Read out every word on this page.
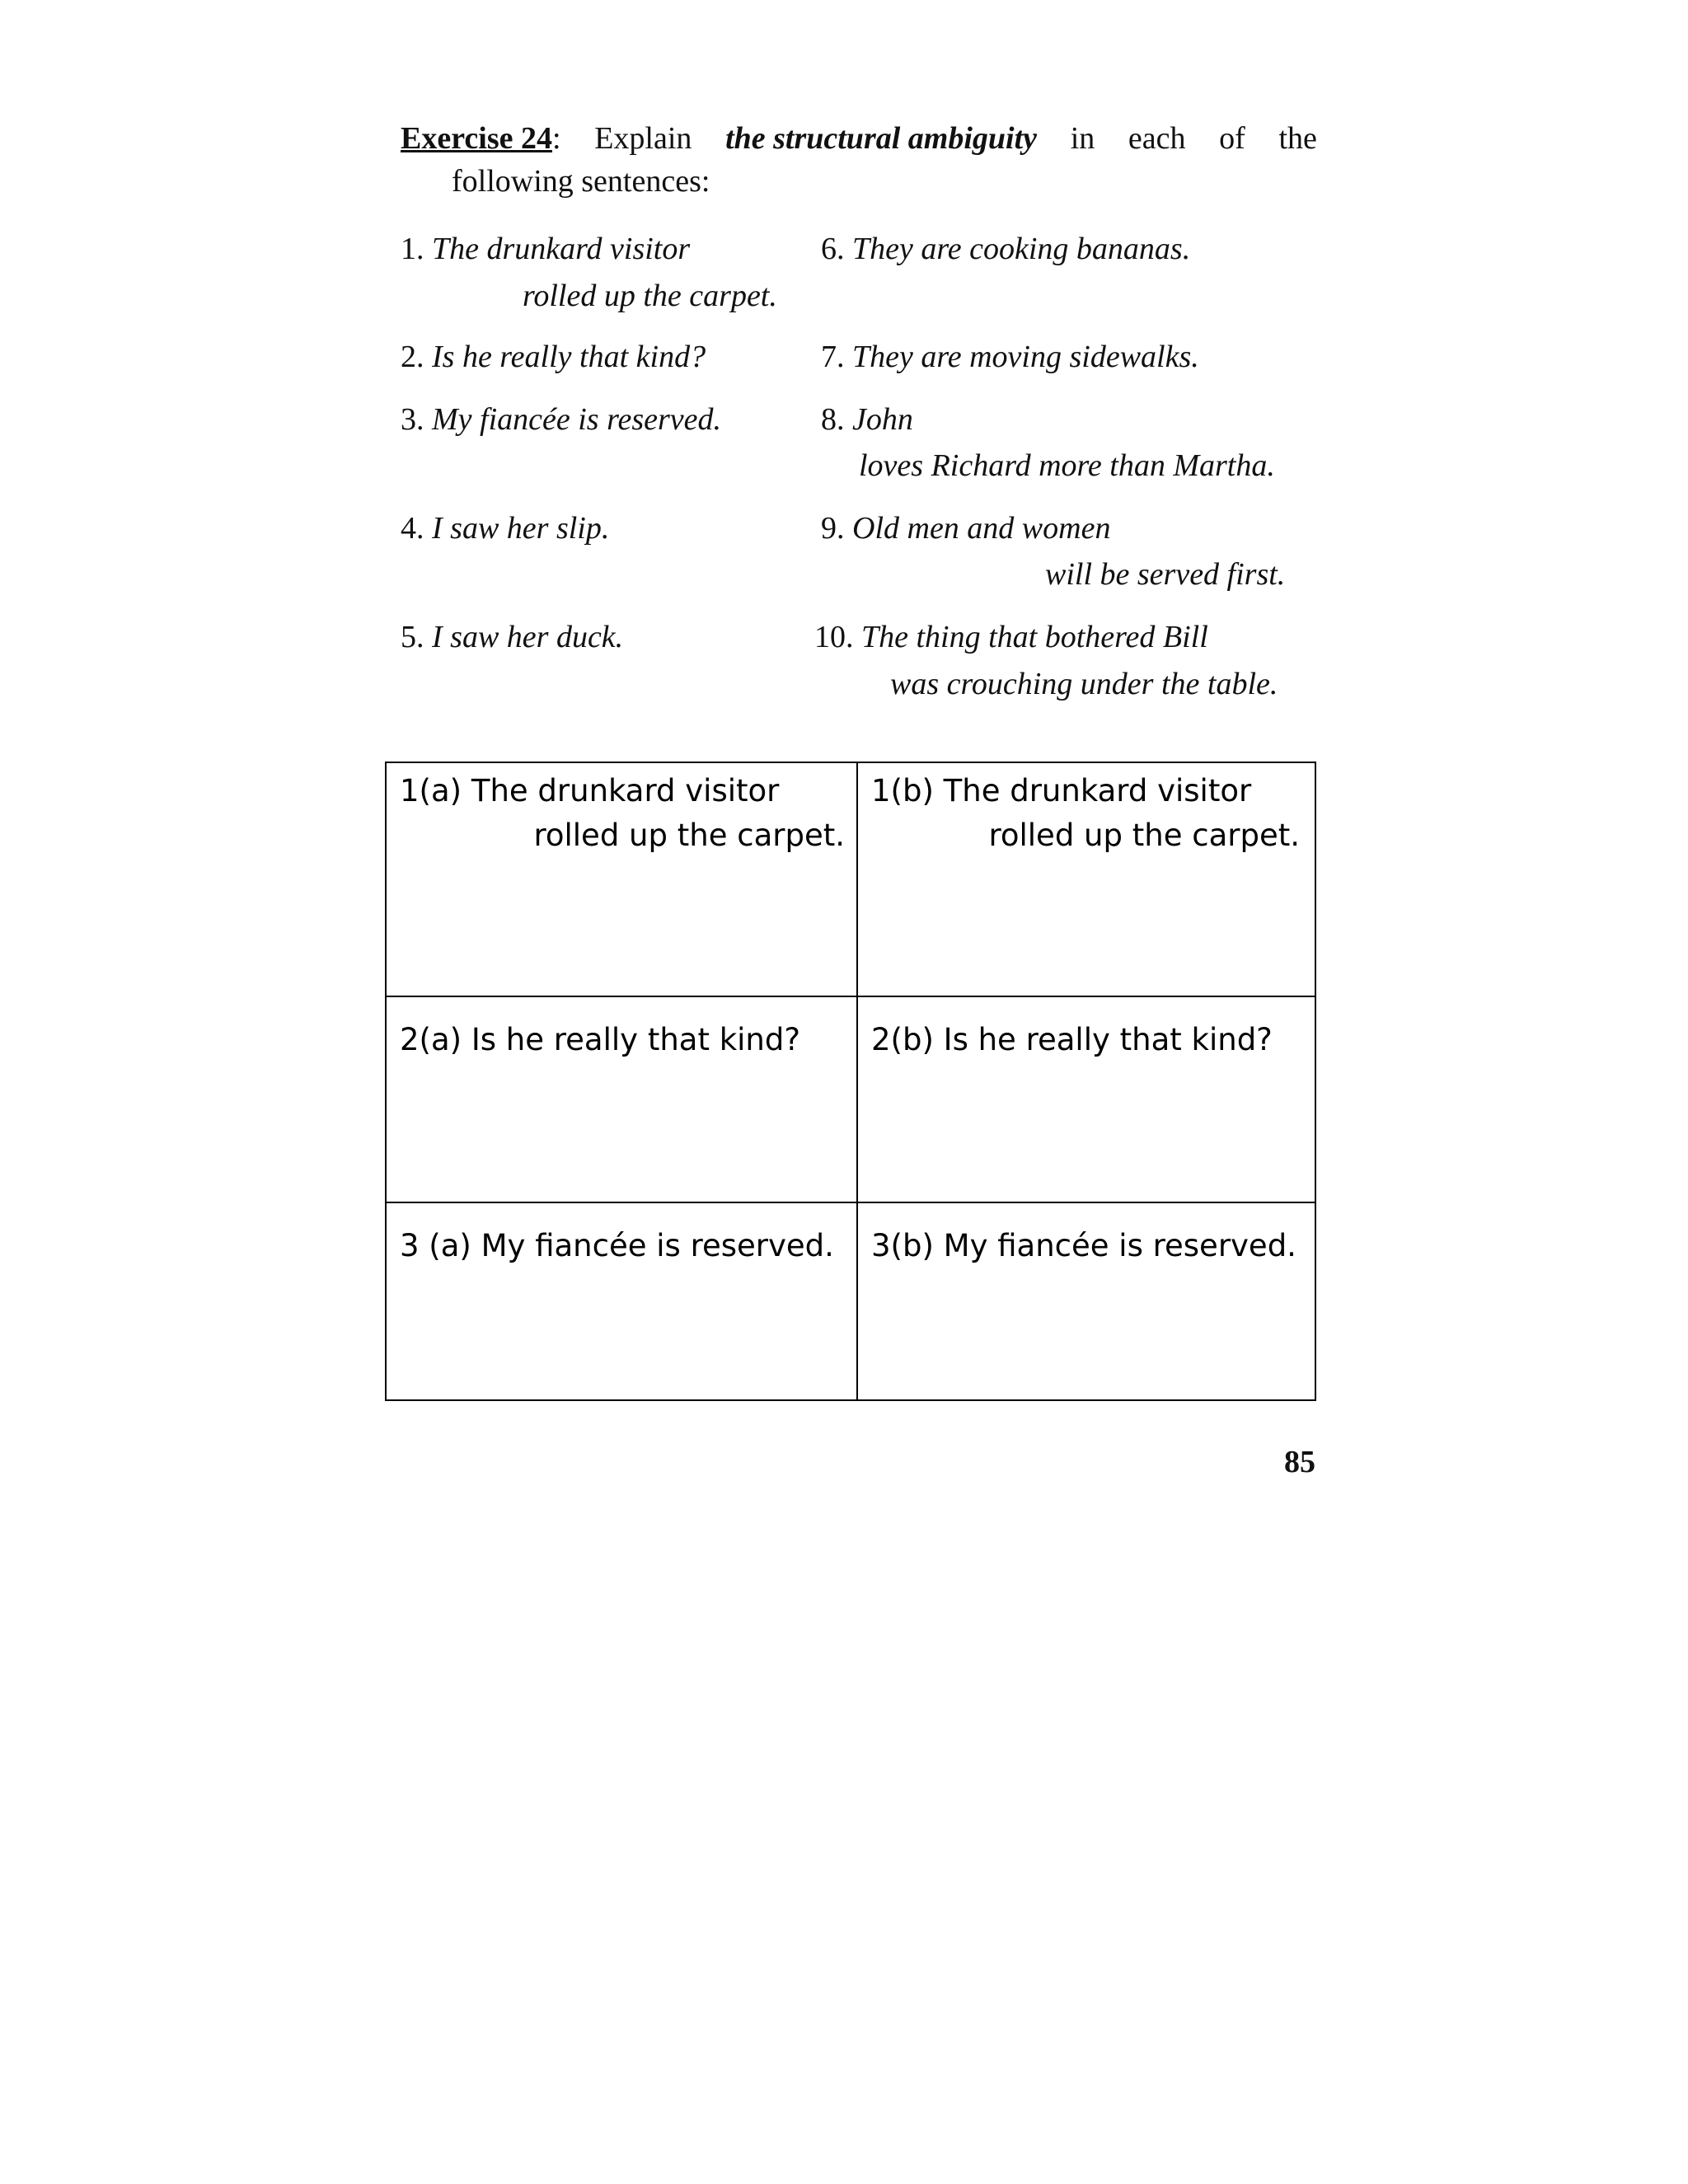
Exercise 24: Explain the structural ambiguity in each of the
following sentences:
1. The drunkard visitor
rolled up the carpet.
2. Is he really that kind?
3. My fiancée is reserved.
4. I saw her slip.
5. I saw her duck.
6. They are cooking bananas.
7. They are moving sidewalks.
8. John
loves Richard more than Martha.
9. Old men and women
will be served first.
10. The thing that bothered Bill
was crouching under the table.
1(a) The drunkard visitor
rolled up the carpet.
1(b) The drunkard visitor
rolled up the carpet.
2(a) Is he really that kind? 2(b) Is he really that kind?
3 (a) My fiancée is reserved. 3(b) My fiancée is reserved.
85
